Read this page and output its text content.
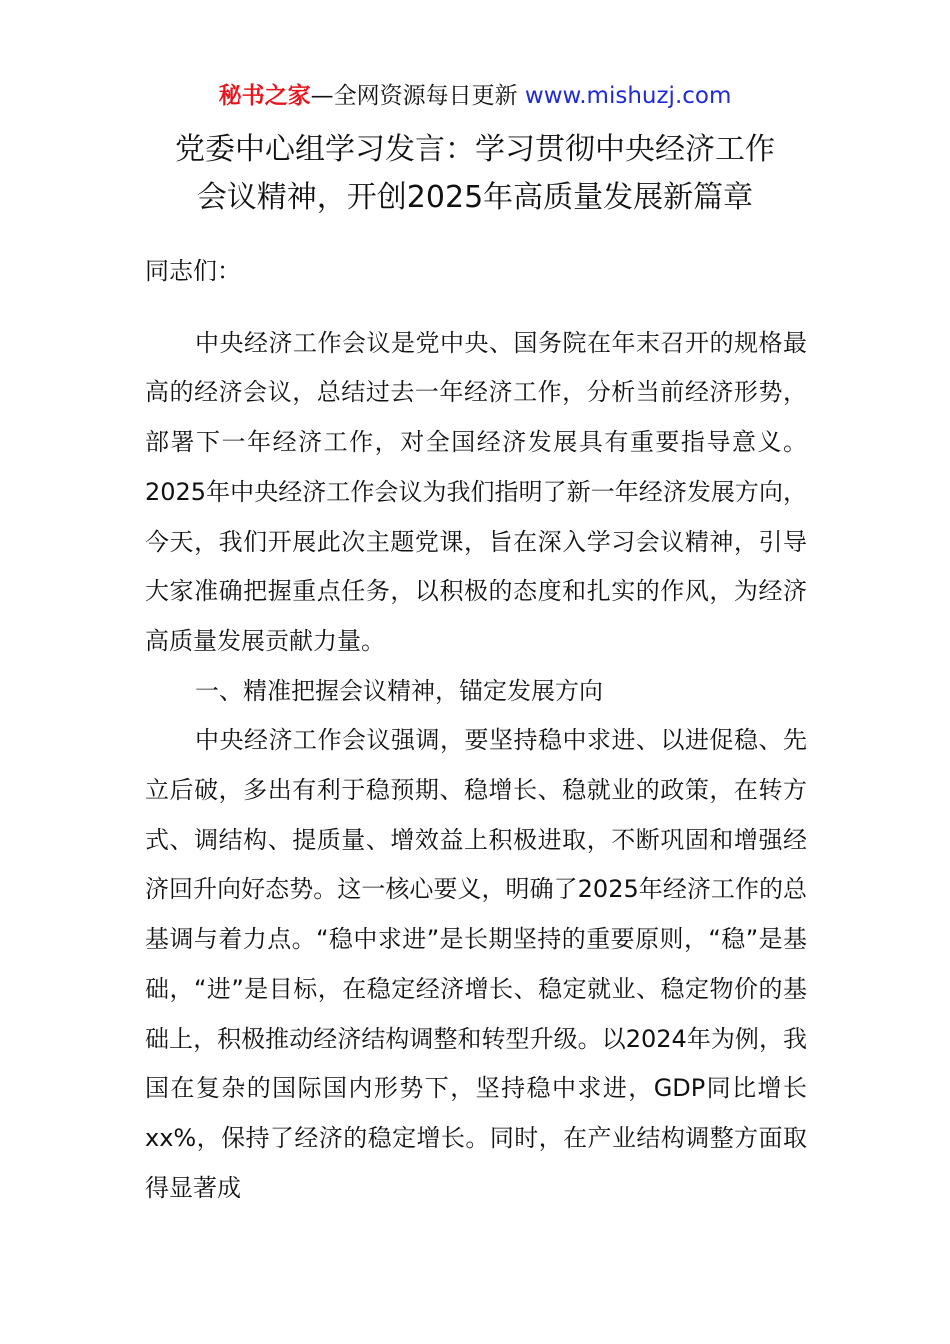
秘书之家—全网资源每日更新 www.mishuzj.com
党委中心组学习发言：学习贯彻中央经济工作
会议精神，开创2025年高质量发展新篇章

同志们：

中央经济工作会议是党中央、国务院在年末召开的规格最高的经济会议，总结过去一年经济工作，分析当前经济形势，部署下一年经济工作，对全国经济发展具有重要指导意义。2025年中央经济工作会议为我们指明了新一年经济发展方向，今天，我们开展此次主题党课，旨在深入学习会议精神，引导大家准确把握重点任务，以积极的态度和扎实的作风，为经济高质量发展贡献力量。

一、精准把握会议精神，锚定发展方向

中央经济工作会议强调，要坚持稳中求进、以进促稳、先立后破，多出有利于稳预期、稳增长、稳就业的政策，在转方式、调结构、提质量、增效益上积极进取，不断巩固和增强经济回升向好态势。这一核心要义，明确了2025年经济工作的总基调与着力点。“稳中求进”是长期坚持的重要原则，“稳”是基础，“进”是目标，在稳定经济增长、稳定就业、稳定物价的基础上，积极推动经济结构调整和转型升级。以2024年为例，我国在复杂的国际国内形势下，坚持稳中求进，GDP同比增长xx%，保持了经济的稳定增长。同时，在产业结构调整方面取得显著成
